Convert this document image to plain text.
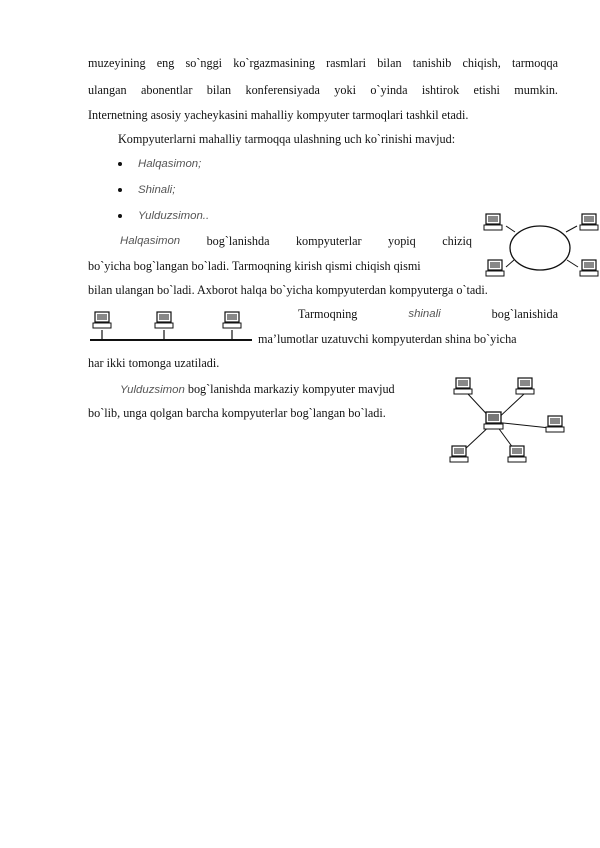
muzeyining eng so`nggi ko`rgazmasining rasmlari bilan tanishib chiqish, tarmoqqa
ulangan abonentlar bilan konferensiyada yoki o`yinda ishtirok etishi mumkin.
Internetning asosiy yacheykasini mahalliy kompyuter tarmoqlari tashkil etadi.
Kompyuterlarni mahalliy tarmoqqa ulashning uch ko`rinishi mavjud:
Halqasimon;
Shinali;
Yulduzsimon..
Halqasimon bog`lanishda kompyuterlar yopiq chiziq
bo`yicha bog`langan bo`ladi. Tarmoqning kirish qismi chiqish qismi
bilan ulangan bo`ladi. Axborot halqa bo`yicha kompyuterdan kompyuterga o`tadi.
Tarmoqning	shinali	bog`lanishida
ma’lumotlar uzatuvchi kompyuterdan shina bo`yicha
har ikki tomonga uzatiladi.
Yulduzsimon bog`lanishda markaziy kompyuter mavjud
bo`lib, unga qolgan barcha kompyuterlar bog`langan bo`ladi.
